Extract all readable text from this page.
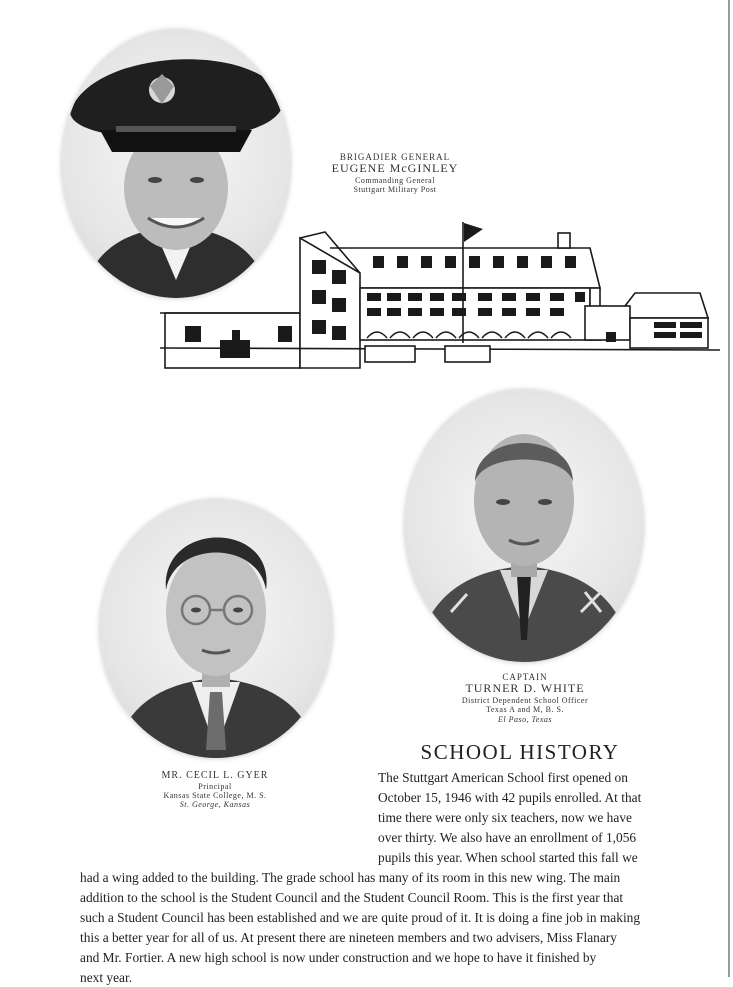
BRIGADIER GENERAL
EUGENE McGINLEY
Commanding General
Stuttgart Military Post
CAPTAIN
TURNER D. WHITE
District Dependent School Officer
Texas A and M, B. S.
El Paso, Texas
MR. CECIL L. GYER
Principal
Kansas State College, M. S.
St. George, Kansas
SCHOOL HISTORY
The Stuttgart American School first opened on
October 15, 1946 with 42 pupils enrolled. At that
time there were only six teachers, now we have
over thirty. We also have an enrollment of 1,056
pupils this year. When school started this fall we
had a wing added to the building. The grade school has many of its room in this new wing. The main
addition to the school is the Student Council and the Student Council Room. This is the first year that
such a Student Council has been established and we are quite proud of it. It is doing a fine job in making
this a better year for all of us. At present there are nineteen members and two advisers, Miss Flanary
and Mr. Fortier. A new high school is now under construction and we hope to have it finished by
next year.
